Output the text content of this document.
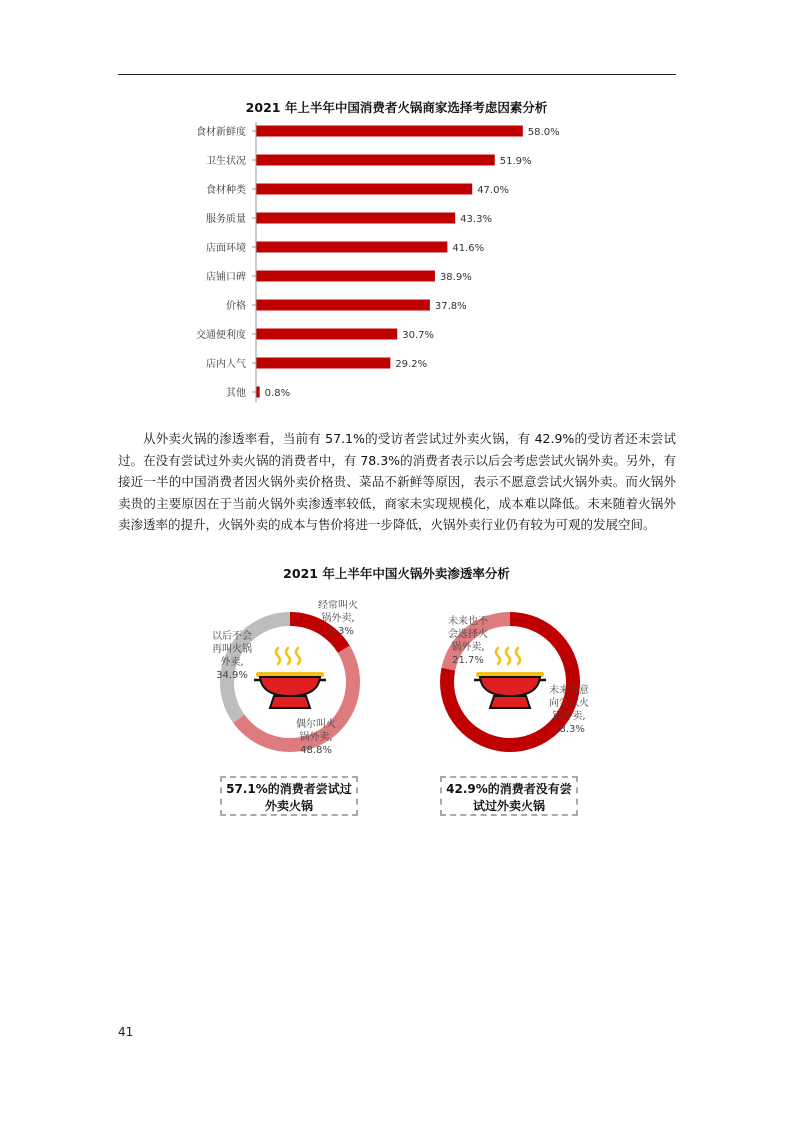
2021 年上半年中国消费者火锅商家选择考虑因素分析
食材新鲜度	58.0%
卫生状况	51.9%
食材种类	47.0%
服务质量	43.3%
店面环境	41.6%
店铺口碑	38.9%
价格	37.8%
交通便利度	30.7%
店内人气	29.2%
其他 0.8%
从外卖火锅的渗透率看，当前有 57.1%的受访者尝试过外卖火锅，有 42.9%的受访者还未尝试过。在没有尝试过外卖火锅的消费者中，有 78.3%的消费者表示以后会考虑尝试火锅外卖。另外，有接近一半的中国消费者因火锅外卖价格贵、菜品不新鲜等原因，表示不愿意尝试火锅外卖。而火锅外卖贵的主要原因在于当前火锅外卖渗透率较低，商家未实现规模化，成本难以降低。未来随着火锅外卖渗透率的提升，火锅外卖的成本与售价将进一步降低，火锅外卖行业仍有较为可观的发展空间。
2021 年上半年中国火锅外卖渗透率分析
经常叫火锅外卖, 16.3%
偶尔叫火锅外卖, 48.8%
以后不会再叫火锅外卖, 34.9%
未来有意向尝试火锅外卖, 78.3%
未来也不会选择火锅外卖, 21.7%
57.1%的消费者尝试过
外卖火锅
42.9%的消费者没有尝
试过外卖火锅
41
